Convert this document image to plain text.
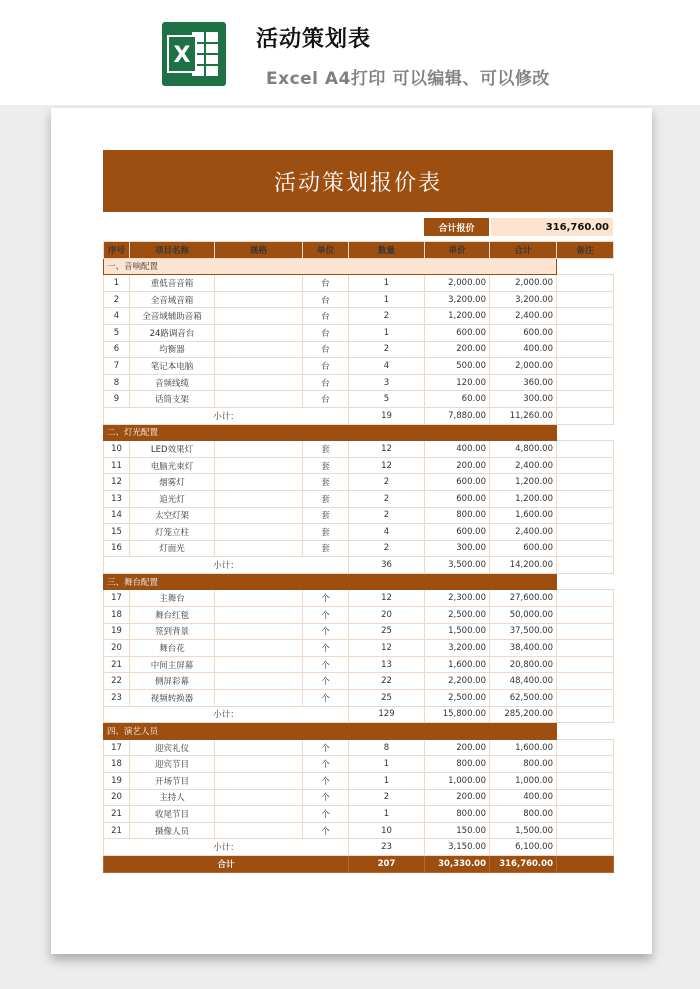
X
活动策划表
Excel A4打印 可以编辑、可以修改
活动策划报价表
合计报价	316,760.00
序号	项目名称	规格	单位	数量	单价	合计	备注
一、音响配置							
1	重低音音箱		台	1	2,000.00	2,000.00	
2	全音域音箱		台	1	3,200.00	3,200.00	
4	全音域辅助音箱		台	2	1,200.00	2,400.00	
5	24路调音台		台	1	600.00	600.00	
6	均衡器		台	2	200.00	400.00	
7	笔记本电脑		台	4	500.00	2,000.00	
8	音频线缆		台	3	120.00	360.00	
9	话筒支架		台	5	60.00	300.00	
小计：				19	7,880.00	11,260.00	
二、灯光配置							
10	LED效果灯		套	12	400.00	4,800.00	
11	电脑光束灯		套	12	200.00	2,400.00	
12	烟雾灯		套	2	600.00	1,200.00	
13	追光灯		套	2	600.00	1,200.00	
14	太空灯架		套	2	800.00	1,600.00	
15	灯笼立柱		套	4	600.00	2,400.00	
16	灯面光		套	2	300.00	600.00	
小计：				36	3,500.00	14,200.00	
三、舞台配置							
17	主舞台		个	12	2,300.00	27,600.00	
18	舞台红毯		个	20	2,500.00	50,000.00	
19	签到背景		个	25	1,500.00	37,500.00	
20	舞台花		个	12	3,200.00	38,400.00	
21	中间主屏幕		个	13	1,600.00	20,800.00	
22	侧屏彩幕		个	22	2,200.00	48,400.00	
23	视频转换器		个	25	2,500.00	62,500.00	
小计：				129	15,800.00	285,200.00	
四、演艺人员							
17	迎宾礼仪		个	8	200.00	1,600.00	
18	迎宾节目		个	1	800.00	800.00	
19	开场节目		个	1	1,000.00	1,000.00	
20	主持人		个	2	200.00	400.00	
21	收尾节目		个	1	800.00	800.00	
21	摄像人员		个	10	150.00	1,500.00	
小计：				23	3,150.00	6,100.00	
合计				207	30,330.00	316,760.00	
